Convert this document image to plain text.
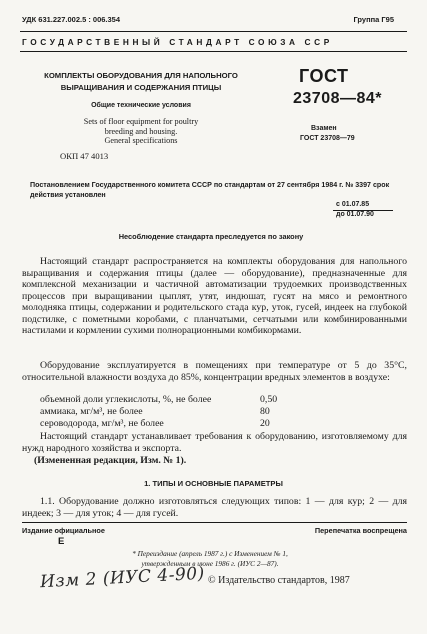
УДК 631.227.002.5 : 006.354	Группа Г95
ГОСУДАРСТВЕННЫЙ СТАНДАРТ СОЮЗА ССР
КОМПЛЕКТЫ ОБОРУДОВАНИЯ ДЛЯ НАПОЛЬНОГО ВЫРАЩИВАНИЯ И СОДЕРЖАНИЯ ПТИЦЫ
Общие технические условия
Sets of floor equipment for poultry
breeding and housing.
General specifications
ГОСТ
23708—84*
Взамен
ГОСТ 23708—79
ОКП 47 4013
Постановлением Государственного комитета СССР по стандартам от 27 сентября 1984 г. № 3397 срок действия установлен
с 01.07.85
до 01.07.90
Несоблюдение стандарта преследуется по закону
Настоящий стандарт распространяется на комплекты оборудования для напольного выращивания и содержания птицы (далее — оборудование), предназначенные для комплексной механизации и частичной автоматизации трудоемких производственных процессов при выращивании цыплят, утят, индюшат, гусят на мясо и ремонтного молодняка птицы, содержании и родительского стада кур, уток, гусей, индеек на глубокой подстилке, с пометными коробами, с планчатыми, сетчатыми или комбинированными настилами и кормлении сухими полнорационными комбикормами.
Оборудование эксплуатируется в помещениях при температуре от 5 до 35°С, относительной влажности воздуха до 85%, концентрации вредных элементов в воздухе:
объемной доли углекислоты, %, не более	0,50
аммиака, мг/м³, не более	80
сероводорода, мг/м³, не более	20
Настоящий стандарт устанавливает требования к оборудованию, изготовляемому для нужд народного хозяйства и экспорта.
(Измененная редакция, Изм. № 1).
1. ТИПЫ И ОСНОВНЫЕ ПАРАМЕТРЫ
1.1. Оборудование должно изготовляться следующих типов: 1 — для кур; 2 — для индеек; 3 — для уток; 4 — для гусей.
Издание официальное
Е
Перепечатка воспрещена
* Переиздание (апрель 1987 г.) с Изменением № 1,
утвержденным в июне 1986 г. (ИУС 2—87).
Изм 2 (ИУС 4-90) © Издательство стандартов, 1987
